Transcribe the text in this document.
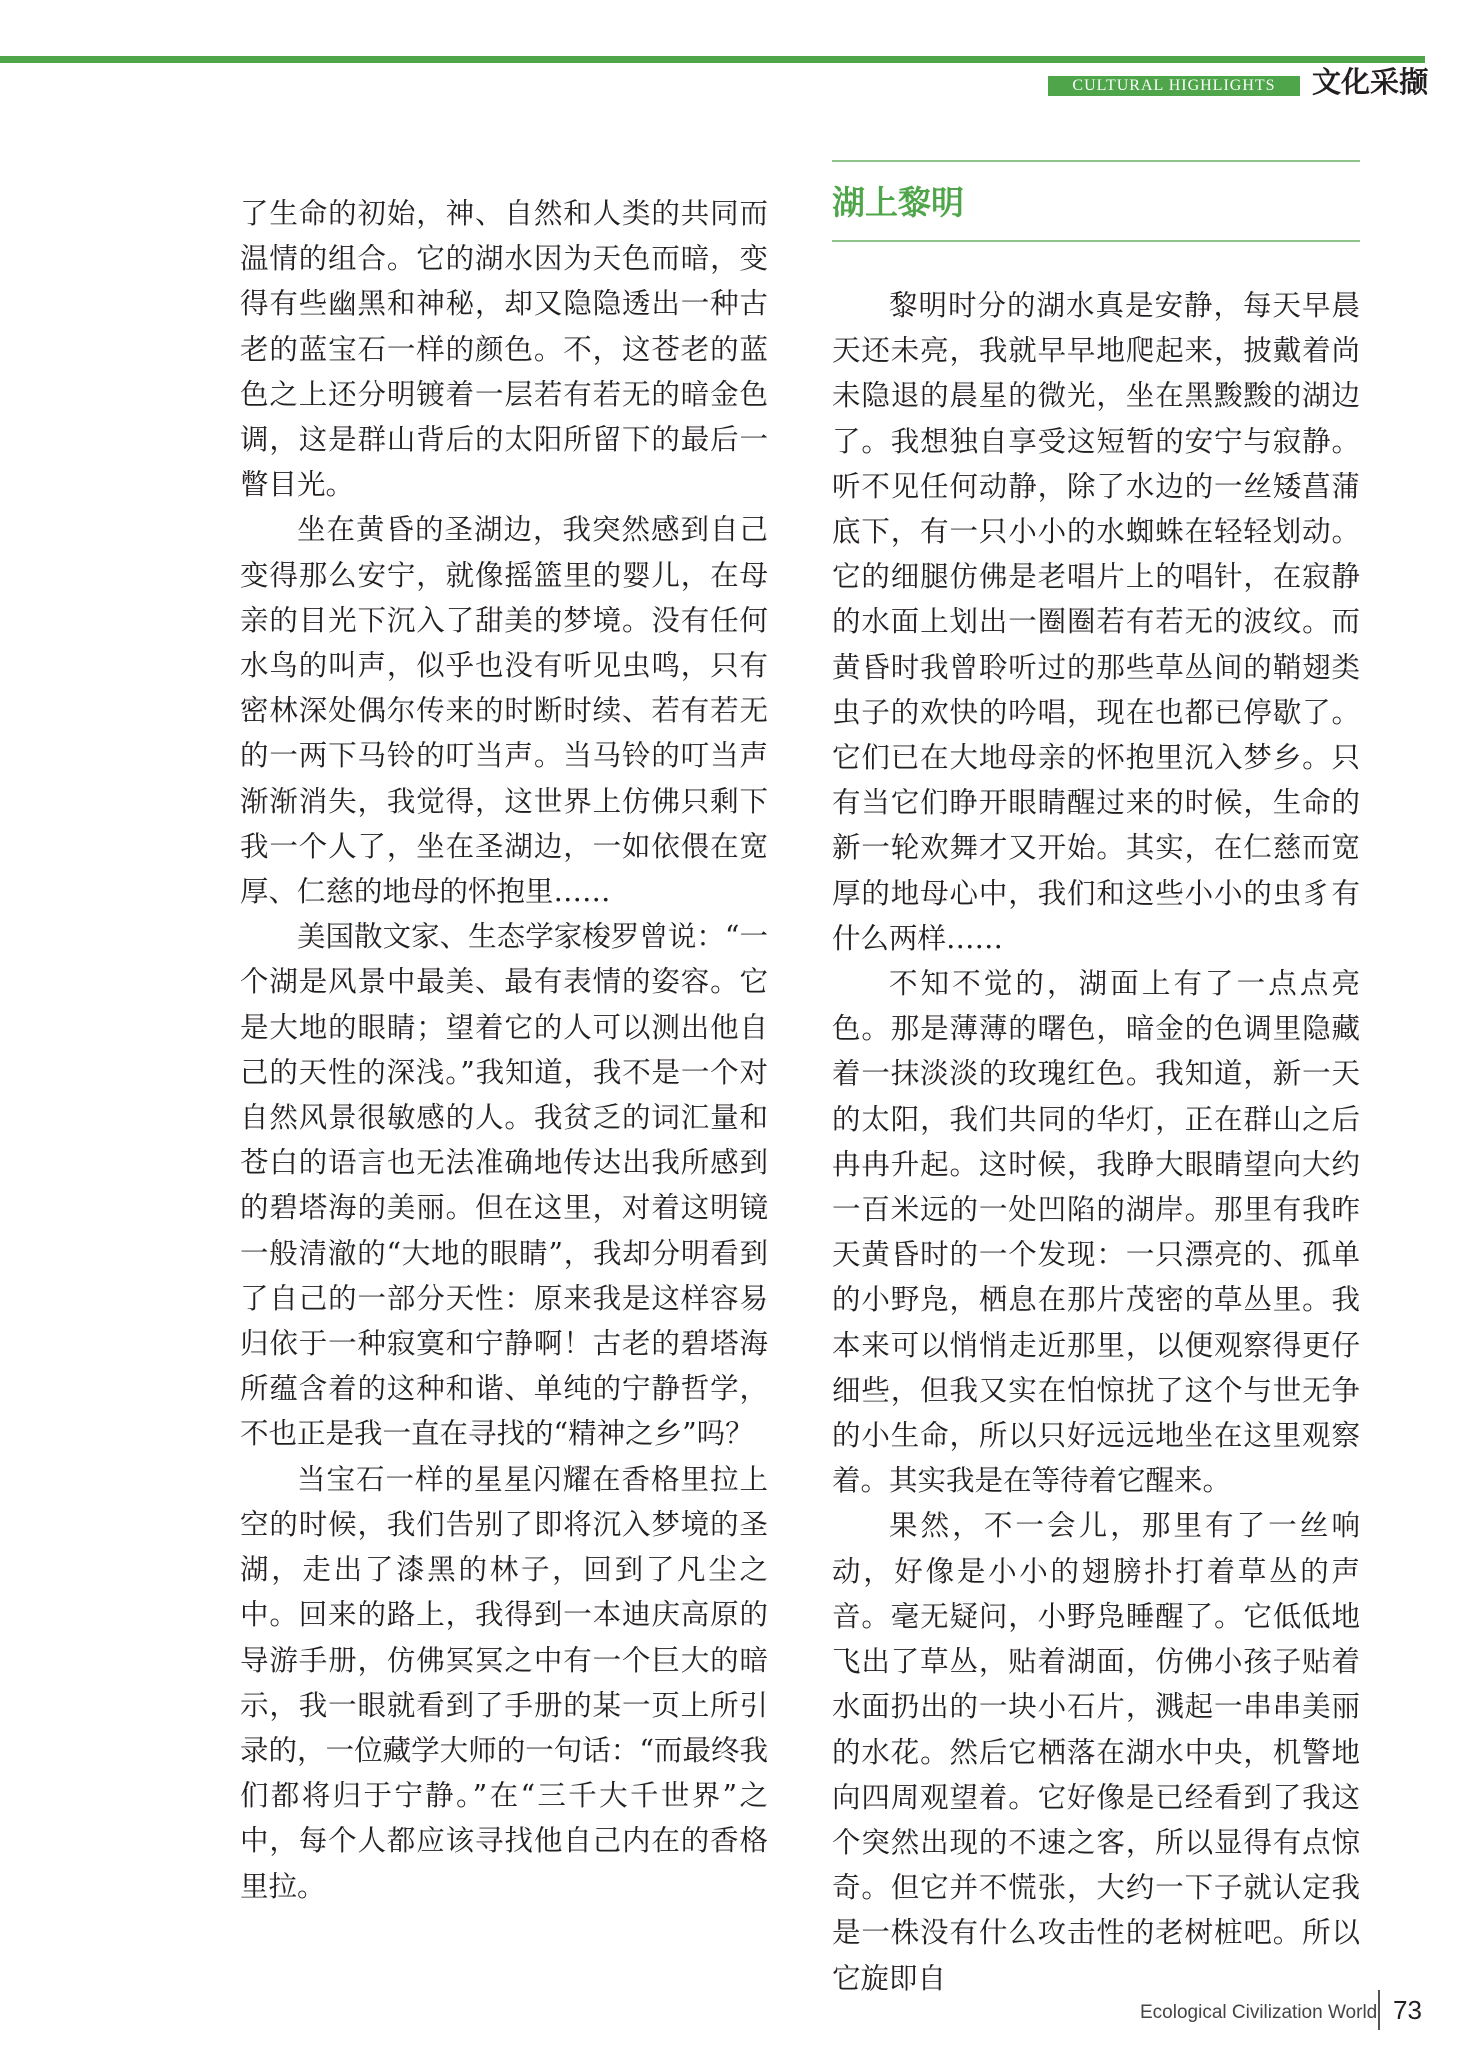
CULTURAL HIGHLIGHTS	文化采撷

了生命的初始，神、自然和人类的共同而温情的组合。它的湖水因为天色而暗，变得有些幽黑和神秘，却又隐隐透出一种古老的蓝宝石一样的颜色。不，这苍老的蓝色之上还分明镀着一层若有若无的暗金色调，这是群山背后的太阳所留下的最后一瞥目光。

坐在黄昏的圣湖边，我突然感到自己变得那么安宁，就像摇篮里的婴儿，在母亲的目光下沉入了甜美的梦境。没有任何水鸟的叫声，似乎也没有听见虫鸣，只有密林深处偶尔传来的时断时续、若有若无的一两下马铃的叮当声。当马铃的叮当声渐渐消失，我觉得，这世界上仿佛只剩下我一个人了，坐在圣湖边，一如依偎在宽厚、仁慈的地母的怀抱里……

美国散文家、生态学家梭罗曾说：“一个湖是风景中最美、最有表情的姿容。它是大地的眼睛；望着它的人可以测出他自己的天性的深浅。”我知道，我不是一个对自然风景很敏感的人。我贫乏的词汇量和苍白的语言也无法准确地传达出我所感到的碧塔海的美丽。但在这里，对着这明镜一般清澈的“大地的眼睛”，我却分明看到了自己的一部分天性：原来我是这样容易归依于一种寂寞和宁静啊！古老的碧塔海所蕴含着的这种和谐、单纯的宁静哲学，不也正是我一直在寻找的“精神之乡”吗？

当宝石一样的星星闪耀在香格里拉上空的时候，我们告别了即将沉入梦境的圣湖，走出了漆黑的林子，回到了凡尘之中。回来的路上，我得到一本迪庆高原的导游手册，仿佛冥冥之中有一个巨大的暗示，我一眼就看到了手册的某一页上所引录的，一位藏学大师的一句话：“而最终我们都将归于宁静。”在“三千大千世界”之中，每个人都应该寻找他自己内在的香格里拉。

湖上黎明

黎明时分的湖水真是安静，每天早晨天还未亮，我就早早地爬起来，披戴着尚未隐退的晨星的微光，坐在黑黢黢的湖边了。我想独自享受这短暂的安宁与寂静。听不见任何动静，除了水边的一丝矮菖蒲底下，有一只小小的水蜘蛛在轻轻划动。它的细腿仿佛是老唱片上的唱针，在寂静的水面上划出一圈圈若有若无的波纹。而黄昏时我曾聆听过的那些草丛间的鞘翅类虫子的欢快的吟唱，现在也都已停歇了。它们已在大地母亲的怀抱里沉入梦乡。只有当它们睁开眼睛醒过来的时候，生命的新一轮欢舞才又开始。其实，在仁慈而宽厚的地母心中，我们和这些小小的虫豸有什么两样……

不知不觉的，湖面上有了一点点亮色。那是薄薄的曙色，暗金的色调里隐藏着一抹淡淡的玫瑰红色。我知道，新一天的太阳，我们共同的华灯，正在群山之后冉冉升起。这时候，我睁大眼睛望向大约一百米远的一处凹陷的湖岸。那里有我昨天黄昏时的一个发现：一只漂亮的、孤单的小野凫，栖息在那片茂密的草丛里。我本来可以悄悄走近那里，以便观察得更仔细些，但我又实在怕惊扰了这个与世无争的小生命，所以只好远远地坐在这里观察着。其实我是在等待着它醒来。

果然，不一会儿，那里有了一丝响动，好像是小小的翅膀扑打着草丛的声音。毫无疑问，小野凫睡醒了。它低低地飞出了草丛，贴着湖面，仿佛小孩子贴着水面扔出的一块小石片，溅起一串串美丽的水花。然后它栖落在湖水中央，机警地向四周观望着。它好像是已经看到了我这个突然出现的不速之客，所以显得有点惊奇。但它并不慌张，大约一下子就认定我是一株没有什么攻击性的老树桩吧。所以它旋即自

Ecological Civilization World 73
